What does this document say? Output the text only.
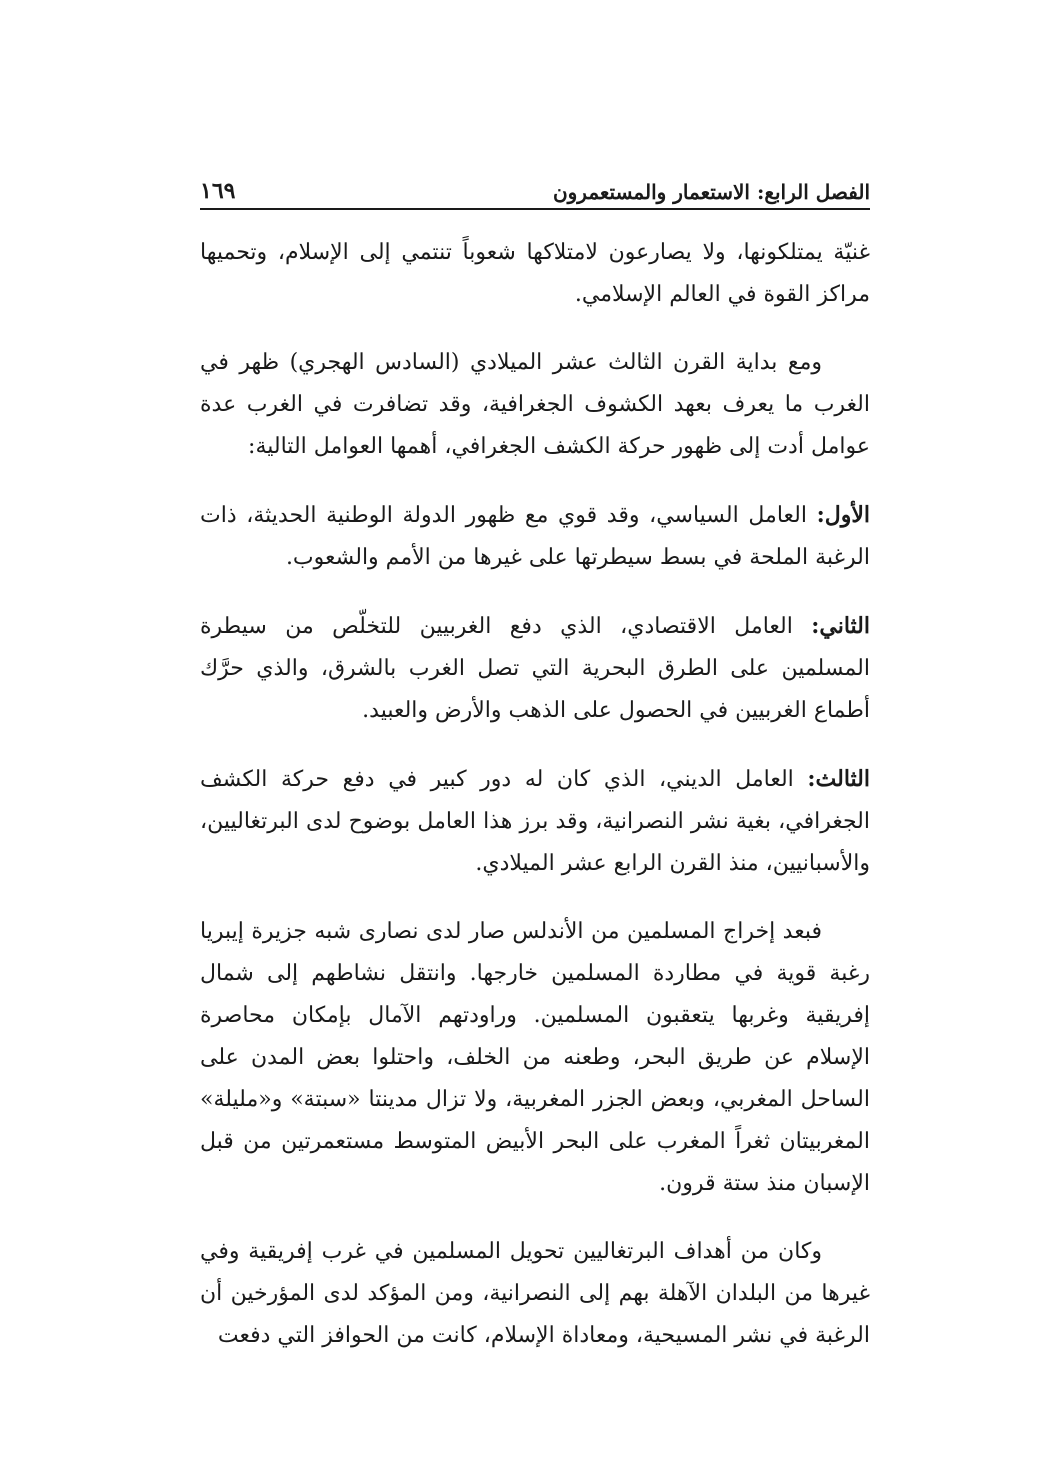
الفصل الرابع: الاستعمار والمستعمرون
١٦٩

غنيّة يمتلكونها، ولا يصارعون لامتلاكها شعوباً تنتمي إلى الإسلام، وتحميها مراكز القوة في العالم الإسلامي.

ومع بداية القرن الثالث عشر الميلادي (السادس الهجري) ظهر في الغرب ما يعرف بعهد الكشوف الجغرافية، وقد تضافرت في الغرب عدة عوامل أدت إلى ظهور حركة الكشف الجغرافي، أهمها العوامل التالية:

الأول: العامل السياسي، وقد قوي مع ظهور الدولة الوطنية الحديثة، ذات الرغبة الملحة في بسط سيطرتها على غيرها من الأمم والشعوب.

الثاني: العامل الاقتصادي، الذي دفع الغربيين للتخلّص من سيطرة المسلمين على الطرق البحرية التي تصل الغرب بالشرق، والذي حرَّك أطماع الغربيين في الحصول على الذهب والأرض والعبيد.

الثالث: العامل الديني، الذي كان له دور كبير في دفع حركة الكشف الجغرافي، بغية نشر النصرانية، وقد برز هذا العامل بوضوح لدى البرتغاليين، والأسبانيين، منذ القرن الرابع عشر الميلادي.

فبعد إخراج المسلمين من الأندلس صار لدى نصارى شبه جزيرة إيبريا رغبة قوية في مطاردة المسلمين خارجها. وانتقل نشاطهم إلى شمال إفريقية وغربها يتعقبون المسلمين. وراودتهم الآمال بإمكان محاصرة الإسلام عن طريق البحر، وطعنه من الخلف، واحتلوا بعض المدن على الساحل المغربي، وبعض الجزر المغربية، ولا تزال مدينتا «سبتة» و«مليلة» المغربيتان ثغراً المغرب على البحر الأبيض المتوسط مستعمرتين من قبل الإسبان منذ ستة قرون.

وكان من أهداف البرتغاليين تحويل المسلمين في غرب إفريقية وفي غيرها من البلدان الآهلة بهم إلى النصرانية، ومن المؤكد لدى المؤرخين أن الرغبة في نشر المسيحية، ومعاداة الإسلام، كانت من الحوافز التي دفعت
